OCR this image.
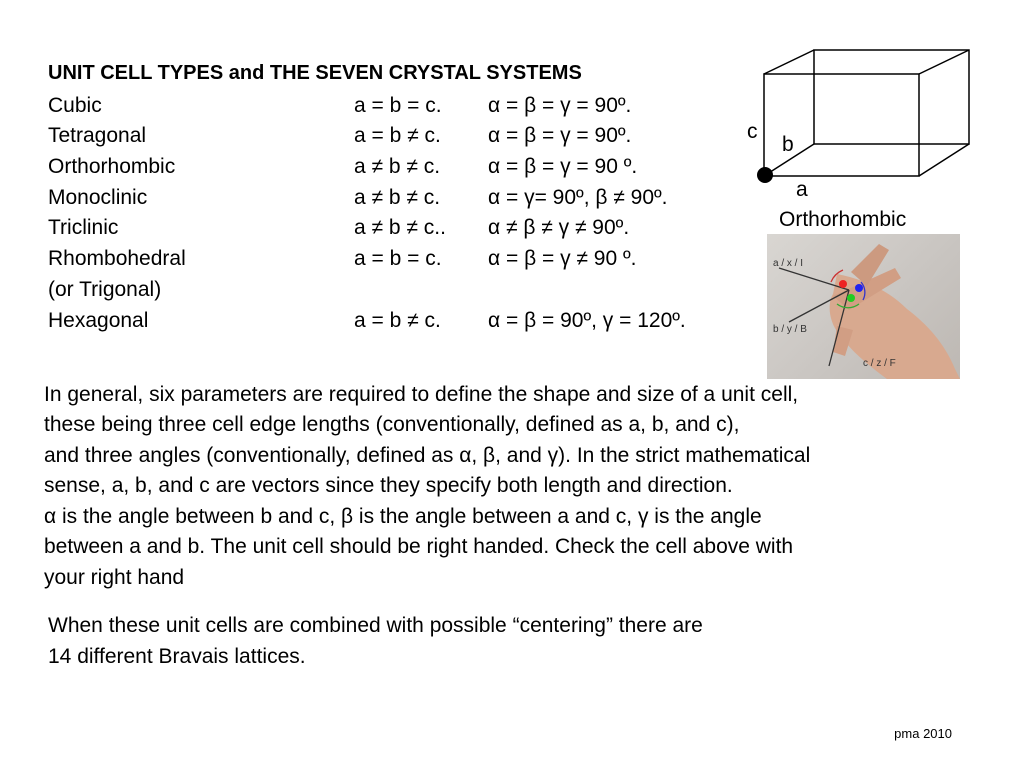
UNIT CELL TYPES and THE SEVEN CRYSTAL SYSTEMS
Cubic	a = b = c. α = β = γ = 90º.
Tetragonal	a = b ≠ c. α = β = γ = 90º.
Orthorhombic	a ≠ b ≠ c. α = β = γ = 90 º.
Monoclinic	a ≠ b ≠ c. α = γ= 90º, β ≠ 90º.
Triclinic	a ≠ b ≠ c.. α ≠ β ≠ γ ≠ 90º.
Rhombohedral	a = b = c. α = β = γ ≠ 90 º.
(or Trigonal)
Hexagonal	a = b ≠ c. α = β = 90º, γ = 120º.
c
b
a
Orthorhombic
a / x / I
b / y / B
c / z / F
In general, six parameters are required to define the shape and size of a unit cell,
these being three cell edge lengths (conventionally, defined as a, b, and c),
and three angles (conventionally, defined as α, β, and γ). In the strict mathematical
sense, a, b, and c are vectors since they specify both length and direction.
α is the angle between b and c, β is the angle between a and c, γ is the angle
between a and b. The unit cell should be right handed. Check the cell above with
your right hand
When these unit cells are combined with possible “centering” there are
14 different Bravais lattices.
pma 2010
